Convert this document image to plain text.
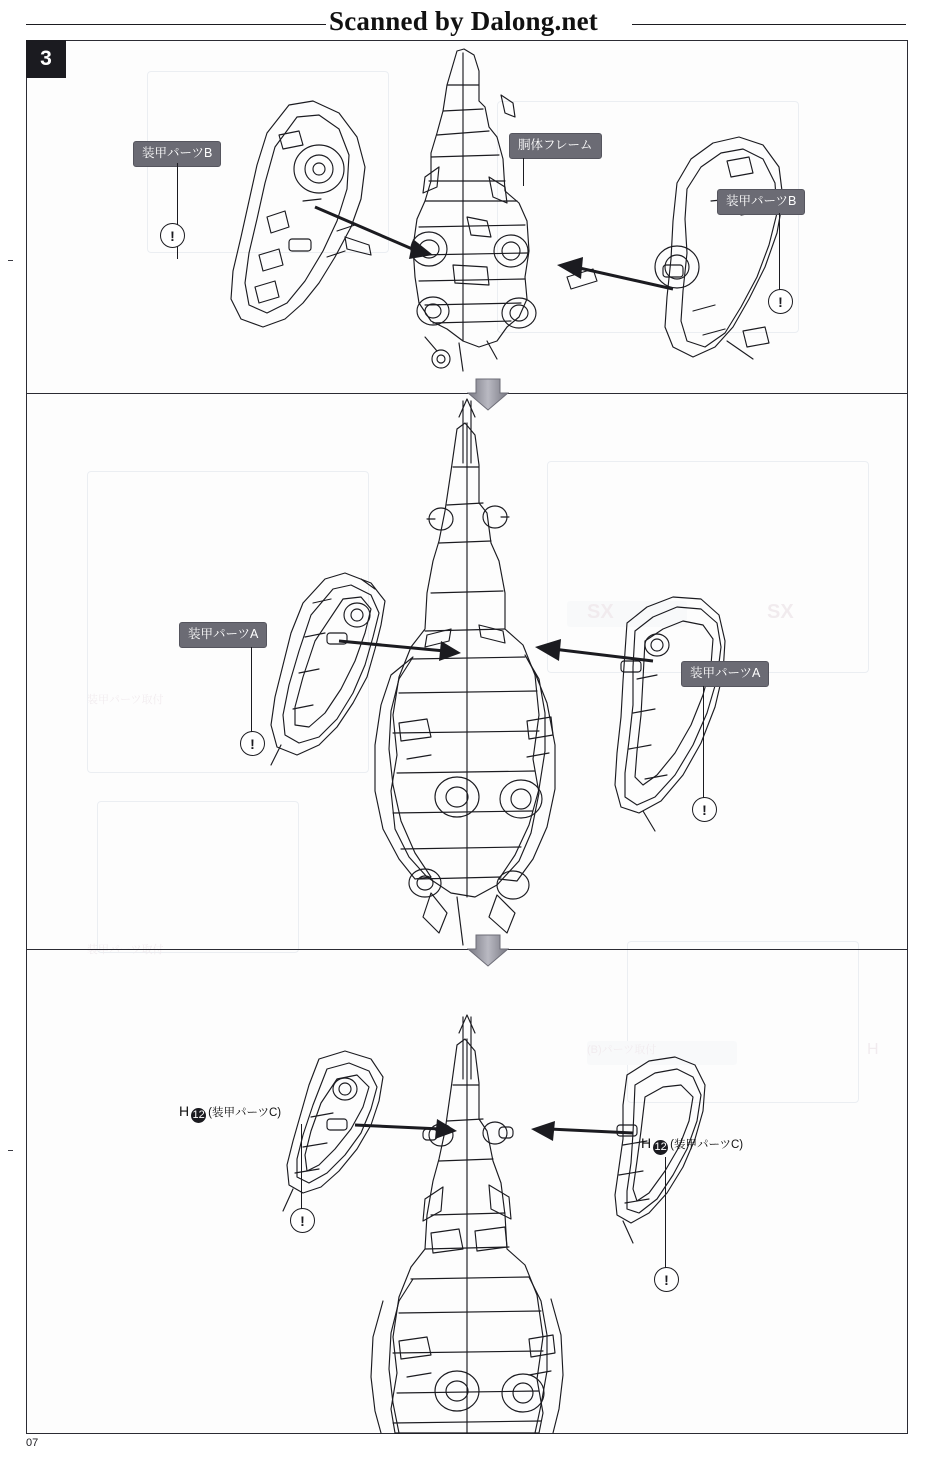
Scanned by Dalong.net
SX	SX
(B)パーツ取付	H
装甲パーツ取付
装甲パーツ取付
3
装甲パーツB
!
胴体フレーム
装甲パーツB
!
装甲パーツA
!
装甲パーツA
!
H 12 (装甲パーツC)
!
H 12 (装甲パーツC)
!
07
